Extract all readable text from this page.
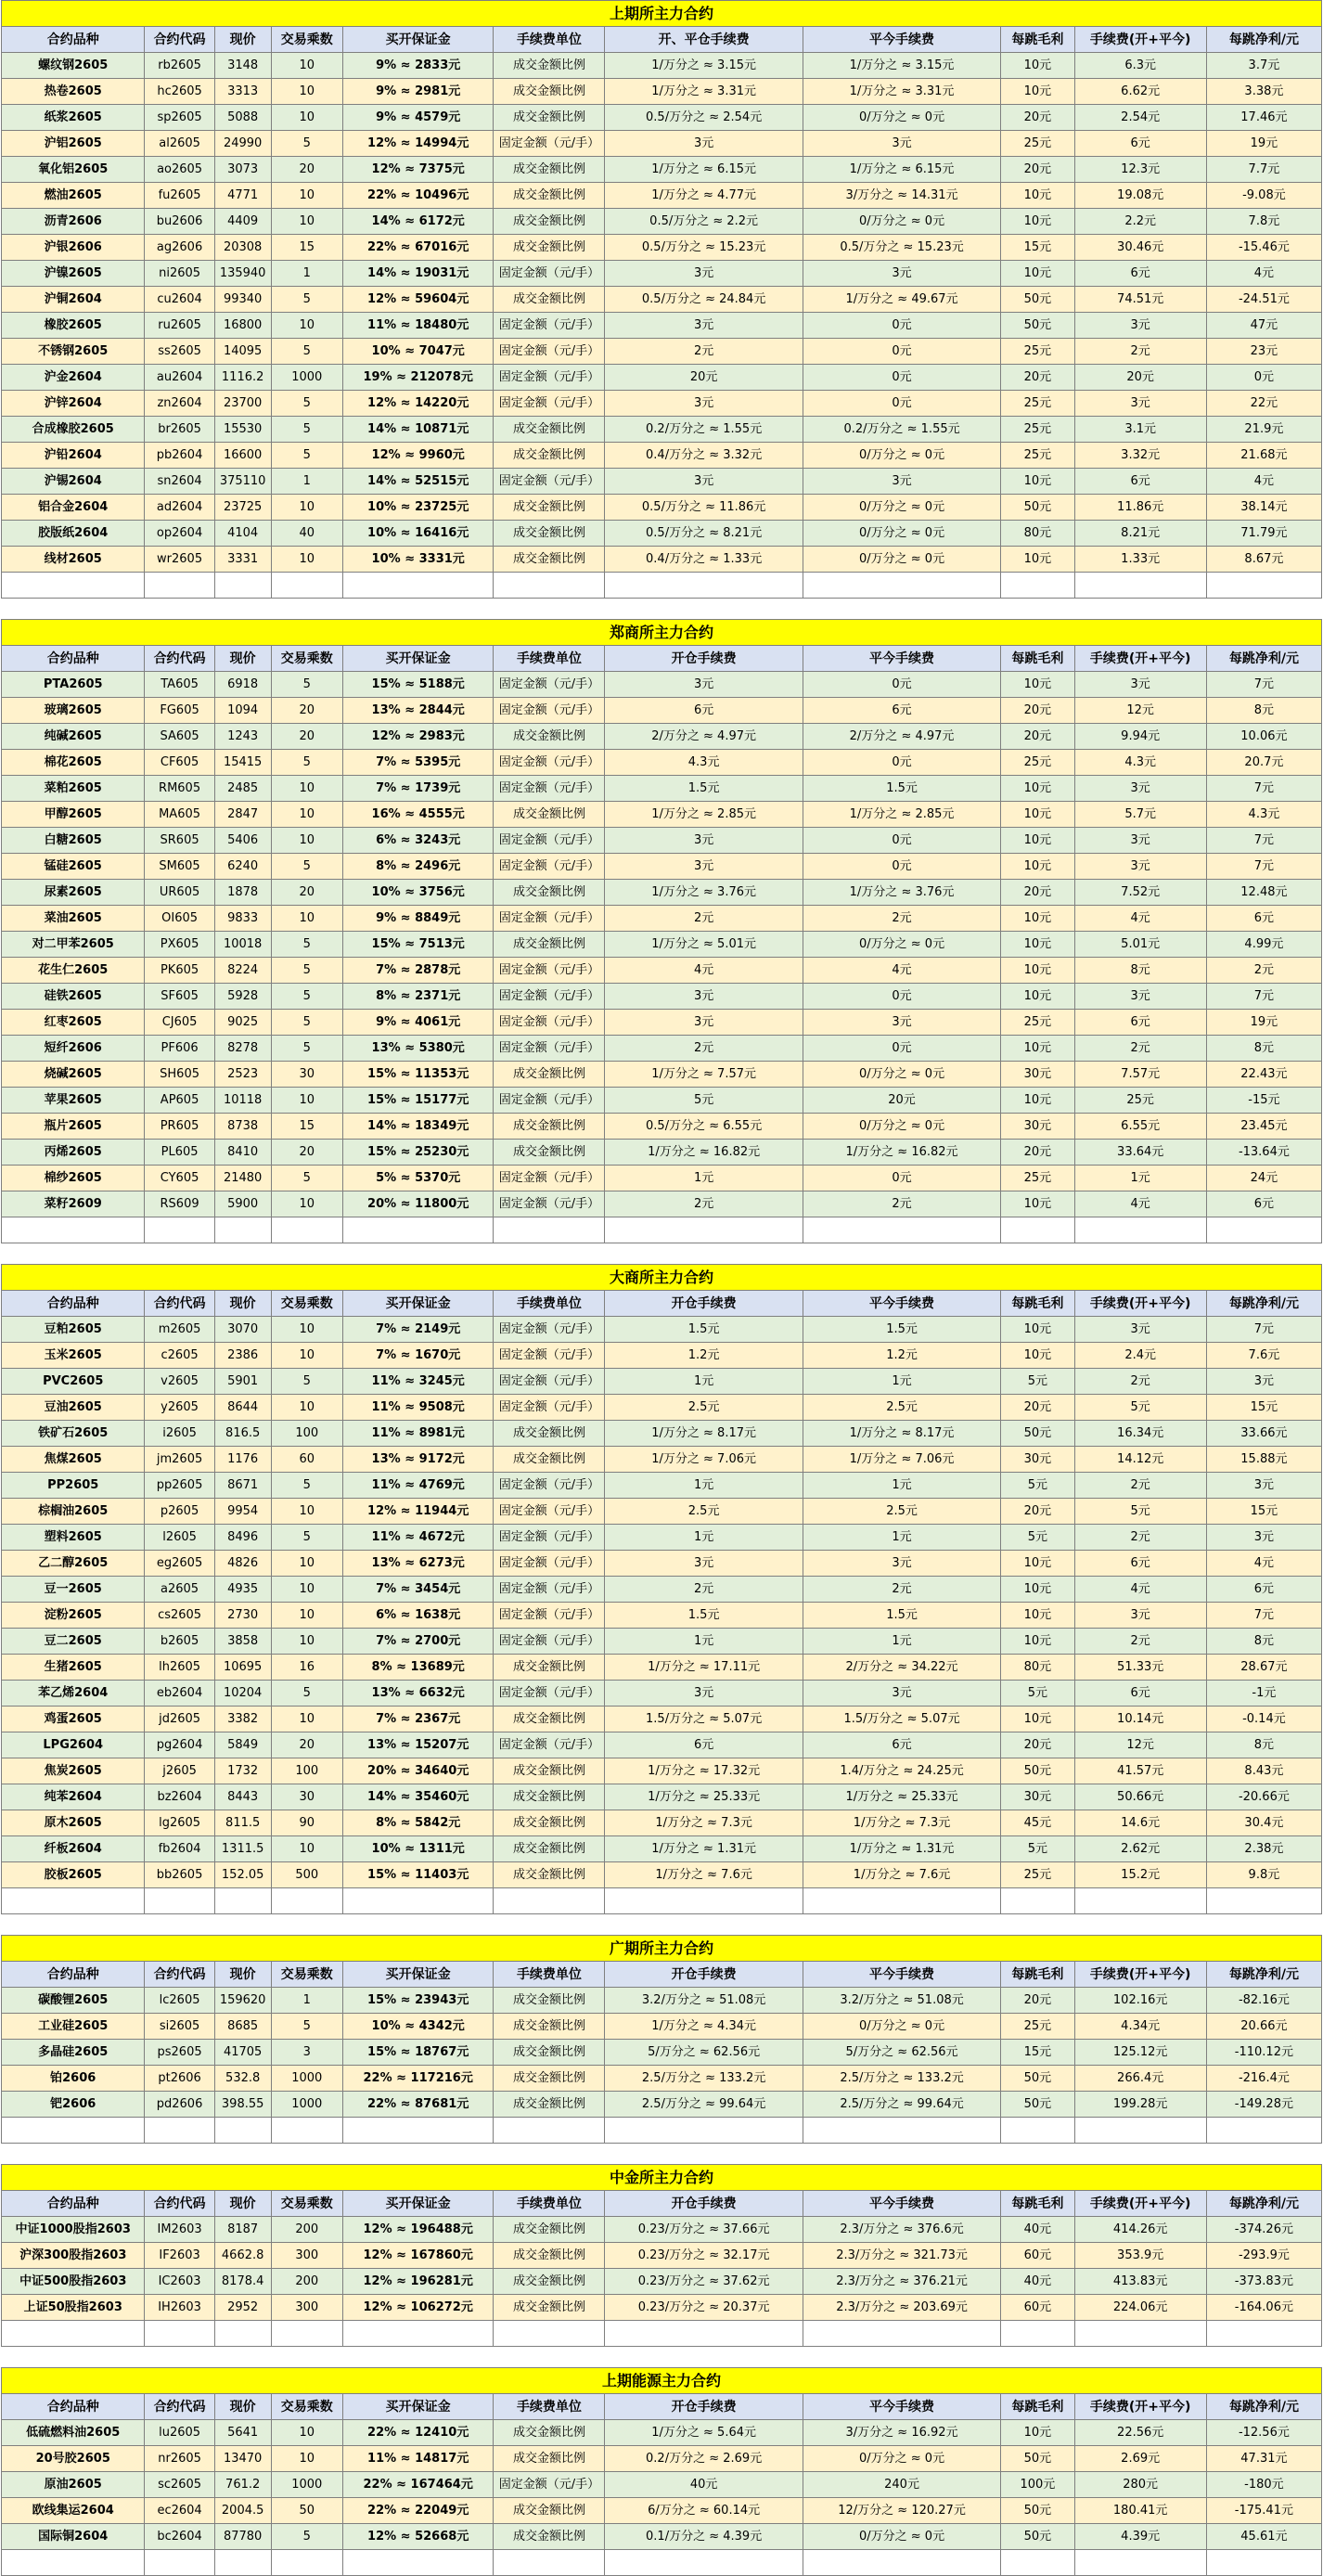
上期所主力合约										
合约品种	合约代码	现价	交易乘数	买开保证金	手续费单位	开、平仓手续费	平今手续费	每跳毛利	手续费(开+平今)	每跳净利/元
螺纹钢2605	rb2605	3148	10	9% ≈ 2833元	成交金额比例	1/万分之 ≈ 3.15元	1/万分之 ≈ 3.15元	10元	6.3元	3.7元
热卷2605	hc2605	3313	10	9% ≈ 2981元	成交金额比例	1/万分之 ≈ 3.31元	1/万分之 ≈ 3.31元	10元	6.62元	3.38元
纸浆2605	sp2605	5088	10	9% ≈ 4579元	成交金额比例	0.5/万分之 ≈ 2.54元	0/万分之 ≈ 0元	20元	2.54元	17.46元
沪铝2605	al2605	24990	5	12% ≈ 14994元	固定金额（元/手）	3元	3元	25元	6元	19元
氧化铝2605	ao2605	3073	20	12% ≈ 7375元	成交金额比例	1/万分之 ≈ 6.15元	1/万分之 ≈ 6.15元	20元	12.3元	7.7元
燃油2605	fu2605	4771	10	22% ≈ 10496元	成交金额比例	1/万分之 ≈ 4.77元	3/万分之 ≈ 14.31元	10元	19.08元	-9.08元
沥青2606	bu2606	4409	10	14% ≈ 6172元	成交金额比例	0.5/万分之 ≈ 2.2元	0/万分之 ≈ 0元	10元	2.2元	7.8元
沪银2606	ag2606	20308	15	22% ≈ 67016元	成交金额比例	0.5/万分之 ≈ 15.23元	0.5/万分之 ≈ 15.23元	15元	30.46元	-15.46元
沪镍2605	ni2605	135940	1	14% ≈ 19031元	固定金额（元/手）	3元	3元	10元	6元	4元
沪铜2604	cu2604	99340	5	12% ≈ 59604元	成交金额比例	0.5/万分之 ≈ 24.84元	1/万分之 ≈ 49.67元	50元	74.51元	-24.51元
橡胶2605	ru2605	16800	10	11% ≈ 18480元	固定金额（元/手）	3元	0元	50元	3元	47元
不锈钢2605	ss2605	14095	5	10% ≈ 7047元	固定金额（元/手）	2元	0元	25元	2元	23元
沪金2604	au2604	1116.2	1000	19% ≈ 212078元	固定金额（元/手）	20元	0元	20元	20元	0元
沪锌2604	zn2604	23700	5	12% ≈ 14220元	固定金额（元/手）	3元	0元	25元	3元	22元
合成橡胶2605	br2605	15530	5	14% ≈ 10871元	成交金额比例	0.2/万分之 ≈ 1.55元	0.2/万分之 ≈ 1.55元	25元	3.1元	21.9元
沪铅2604	pb2604	16600	5	12% ≈ 9960元	成交金额比例	0.4/万分之 ≈ 3.32元	0/万分之 ≈ 0元	25元	3.32元	21.68元
沪锡2604	sn2604	375110	1	14% ≈ 52515元	固定金额（元/手）	3元	3元	10元	6元	4元
铝合金2604	ad2604	23725	10	10% ≈ 23725元	成交金额比例	0.5/万分之 ≈ 11.86元	0/万分之 ≈ 0元	50元	11.86元	38.14元
胶版纸2604	op2604	4104	40	10% ≈ 16416元	成交金额比例	0.5/万分之 ≈ 8.21元	0/万分之 ≈ 0元	80元	8.21元	71.79元
线材2605	wr2605	3331	10	10% ≈ 3331元	成交金额比例	0.4/万分之 ≈ 1.33元	0/万分之 ≈ 0元	10元	1.33元	8.67元

郑商所主力合约										
合约品种	合约代码	现价	交易乘数	买开保证金	手续费单位	开仓手续费	平今手续费	每跳毛利	手续费(开+平今)	每跳净利/元
PTA2605	TA605	6918	5	15% ≈ 5188元	固定金额（元/手）	3元	0元	10元	3元	7元
玻璃2605	FG605	1094	20	13% ≈ 2844元	固定金额（元/手）	6元	6元	20元	12元	8元
纯碱2605	SA605	1243	20	12% ≈ 2983元	成交金额比例	2/万分之 ≈ 4.97元	2/万分之 ≈ 4.97元	20元	9.94元	10.06元
棉花2605	CF605	15415	5	7% ≈ 5395元	固定金额（元/手）	4.3元	0元	25元	4.3元	20.7元
菜粕2605	RM605	2485	10	7% ≈ 1739元	固定金额（元/手）	1.5元	1.5元	10元	3元	7元
甲醇2605	MA605	2847	10	16% ≈ 4555元	成交金额比例	1/万分之 ≈ 2.85元	1/万分之 ≈ 2.85元	10元	5.7元	4.3元
白糖2605	SR605	5406	10	6% ≈ 3243元	固定金额（元/手）	3元	0元	10元	3元	7元
锰硅2605	SM605	6240	5	8% ≈ 2496元	固定金额（元/手）	3元	0元	10元	3元	7元
尿素2605	UR605	1878	20	10% ≈ 3756元	成交金额比例	1/万分之 ≈ 3.76元	1/万分之 ≈ 3.76元	20元	7.52元	12.48元
菜油2605	OI605	9833	10	9% ≈ 8849元	固定金额（元/手）	2元	2元	10元	4元	6元
对二甲苯2605	PX605	10018	5	15% ≈ 7513元	成交金额比例	1/万分之 ≈ 5.01元	0/万分之 ≈ 0元	10元	5.01元	4.99元
花生仁2605	PK605	8224	5	7% ≈ 2878元	固定金额（元/手）	4元	4元	10元	8元	2元
硅铁2605	SF605	5928	5	8% ≈ 2371元	固定金额（元/手）	3元	0元	10元	3元	7元
红枣2605	CJ605	9025	5	9% ≈ 4061元	固定金额（元/手）	3元	3元	25元	6元	19元
短纤2606	PF606	8278	5	13% ≈ 5380元	固定金额（元/手）	2元	0元	10元	2元	8元
烧碱2605	SH605	2523	30	15% ≈ 11353元	成交金额比例	1/万分之 ≈ 7.57元	0/万分之 ≈ 0元	30元	7.57元	22.43元
苹果2605	AP605	10118	10	15% ≈ 15177元	固定金额（元/手）	5元	20元	10元	25元	-15元
瓶片2605	PR605	8738	15	14% ≈ 18349元	成交金额比例	0.5/万分之 ≈ 6.55元	0/万分之 ≈ 0元	30元	6.55元	23.45元
丙烯2605	PL605	8410	20	15% ≈ 25230元	成交金额比例	1/万分之 ≈ 16.82元	1/万分之 ≈ 16.82元	20元	33.64元	-13.64元
棉纱2605	CY605	21480	5	5% ≈ 5370元	固定金额（元/手）	1元	0元	25元	1元	24元
菜籽2609	RS609	5900	10	20% ≈ 11800元	固定金额（元/手）	2元	2元	10元	4元	6元

大商所主力合约										
合约品种	合约代码	现价	交易乘数	买开保证金	手续费单位	开仓手续费	平今手续费	每跳毛利	手续费(开+平今)	每跳净利/元
豆粕2605	m2605	3070	10	7% ≈ 2149元	固定金额（元/手）	1.5元	1.5元	10元	3元	7元
玉米2605	c2605	2386	10	7% ≈ 1670元	固定金额（元/手）	1.2元	1.2元	10元	2.4元	7.6元
PVC2605	v2605	5901	5	11% ≈ 3245元	固定金额（元/手）	1元	1元	5元	2元	3元
豆油2605	y2605	8644	10	11% ≈ 9508元	固定金额（元/手）	2.5元	2.5元	20元	5元	15元
铁矿石2605	i2605	816.5	100	11% ≈ 8981元	成交金额比例	1/万分之 ≈ 8.17元	1/万分之 ≈ 8.17元	50元	16.34元	33.66元
焦煤2605	jm2605	1176	60	13% ≈ 9172元	成交金额比例	1/万分之 ≈ 7.06元	1/万分之 ≈ 7.06元	30元	14.12元	15.88元
PP2605	pp2605	8671	5	11% ≈ 4769元	固定金额（元/手）	1元	1元	5元	2元	3元
棕榈油2605	p2605	9954	10	12% ≈ 11944元	固定金额（元/手）	2.5元	2.5元	20元	5元	15元
塑料2605	l2605	8496	5	11% ≈ 4672元	固定金额（元/手）	1元	1元	5元	2元	3元
乙二醇2605	eg2605	4826	10	13% ≈ 6273元	固定金额（元/手）	3元	3元	10元	6元	4元
豆一2605	a2605	4935	10	7% ≈ 3454元	固定金额（元/手）	2元	2元	10元	4元	6元
淀粉2605	cs2605	2730	10	6% ≈ 1638元	固定金额（元/手）	1.5元	1.5元	10元	3元	7元
豆二2605	b2605	3858	10	7% ≈ 2700元	固定金额（元/手）	1元	1元	10元	2元	8元
生猪2605	lh2605	10695	16	8% ≈ 13689元	成交金额比例	1/万分之 ≈ 17.11元	2/万分之 ≈ 34.22元	80元	51.33元	28.67元
苯乙烯2604	eb2604	10204	5	13% ≈ 6632元	固定金额（元/手）	3元	3元	5元	6元	-1元
鸡蛋2605	jd2605	3382	10	7% ≈ 2367元	成交金额比例	1.5/万分之 ≈ 5.07元	1.5/万分之 ≈ 5.07元	10元	10.14元	-0.14元
LPG2604	pg2604	5849	20	13% ≈ 15207元	固定金额（元/手）	6元	6元	20元	12元	8元
焦炭2605	j2605	1732	100	20% ≈ 34640元	成交金额比例	1/万分之 ≈ 17.32元	1.4/万分之 ≈ 24.25元	50元	41.57元	8.43元
纯苯2604	bz2604	8443	30	14% ≈ 35460元	成交金额比例	1/万分之 ≈ 25.33元	1/万分之 ≈ 25.33元	30元	50.66元	-20.66元
原木2605	lg2605	811.5	90	8% ≈ 5842元	成交金额比例	1/万分之 ≈ 7.3元	1/万分之 ≈ 7.3元	45元	14.6元	30.4元
纤板2604	fb2604	1311.5	10	10% ≈ 1311元	成交金额比例	1/万分之 ≈ 1.31元	1/万分之 ≈ 1.31元	5元	2.62元	2.38元
胶板2605	bb2605	152.05	500	15% ≈ 11403元	成交金额比例	1/万分之 ≈ 7.6元	1/万分之 ≈ 7.6元	25元	15.2元	9.8元

广期所主力合约										
合约品种	合约代码	现价	交易乘数	买开保证金	手续费单位	开仓手续费	平今手续费	每跳毛利	手续费(开+平今)	每跳净利/元
碳酸锂2605	lc2605	159620	1	15% ≈ 23943元	成交金额比例	3.2/万分之 ≈ 51.08元	3.2/万分之 ≈ 51.08元	20元	102.16元	-82.16元
工业硅2605	si2605	8685	5	10% ≈ 4342元	成交金额比例	1/万分之 ≈ 4.34元	0/万分之 ≈ 0元	25元	4.34元	20.66元
多晶硅2605	ps2605	41705	3	15% ≈ 18767元	成交金额比例	5/万分之 ≈ 62.56元	5/万分之 ≈ 62.56元	15元	125.12元	-110.12元
铂2606	pt2606	532.8	1000	22% ≈ 117216元	成交金额比例	2.5/万分之 ≈ 133.2元	2.5/万分之 ≈ 133.2元	50元	266.4元	-216.4元
钯2606	pd2606	398.55	1000	22% ≈ 87681元	成交金额比例	2.5/万分之 ≈ 99.64元	2.5/万分之 ≈ 99.64元	50元	199.28元	-149.28元

中金所主力合约										
合约品种	合约代码	现价	交易乘数	买开保证金	手续费单位	开仓手续费	平今手续费	每跳毛利	手续费(开+平今)	每跳净利/元
中证1000股指2603	IM2603	8187	200	12% ≈ 196488元	成交金额比例	0.23/万分之 ≈ 37.66元	2.3/万分之 ≈ 376.6元	40元	414.26元	-374.26元
沪深300股指2603	IF2603	4662.8	300	12% ≈ 167860元	成交金额比例	0.23/万分之 ≈ 32.17元	2.3/万分之 ≈ 321.73元	60元	353.9元	-293.9元
中证500股指2603	IC2603	8178.4	200	12% ≈ 196281元	成交金额比例	0.23/万分之 ≈ 37.62元	2.3/万分之 ≈ 376.21元	40元	413.83元	-373.83元
上证50股指2603	IH2603	2952	300	12% ≈ 106272元	成交金额比例	0.23/万分之 ≈ 20.37元	2.3/万分之 ≈ 203.69元	60元	224.06元	-164.06元

上期能源主力合约										
合约品种	合约代码	现价	交易乘数	买开保证金	手续费单位	开仓手续费	平今手续费	每跳毛利	手续费(开+平今)	每跳净利/元
低硫燃料油2605	lu2605	5641	10	22% ≈ 12410元	成交金额比例	1/万分之 ≈ 5.64元	3/万分之 ≈ 16.92元	10元	22.56元	-12.56元
20号胶2605	nr2605	13470	10	11% ≈ 14817元	成交金额比例	0.2/万分之 ≈ 2.69元	0/万分之 ≈ 0元	50元	2.69元	47.31元
原油2605	sc2605	761.2	1000	22% ≈ 167464元	固定金额（元/手）	40元	240元	100元	280元	-180元
欧线集运2604	ec2604	2004.5	50	22% ≈ 22049元	成交金额比例	6/万分之 ≈ 60.14元	12/万分之 ≈ 120.27元	50元	180.41元	-175.41元
国际铜2604	bc2604	87780	5	12% ≈ 52668元	成交金额比例	0.1/万分之 ≈ 4.39元	0/万分之 ≈ 0元	50元	4.39元	45.61元
